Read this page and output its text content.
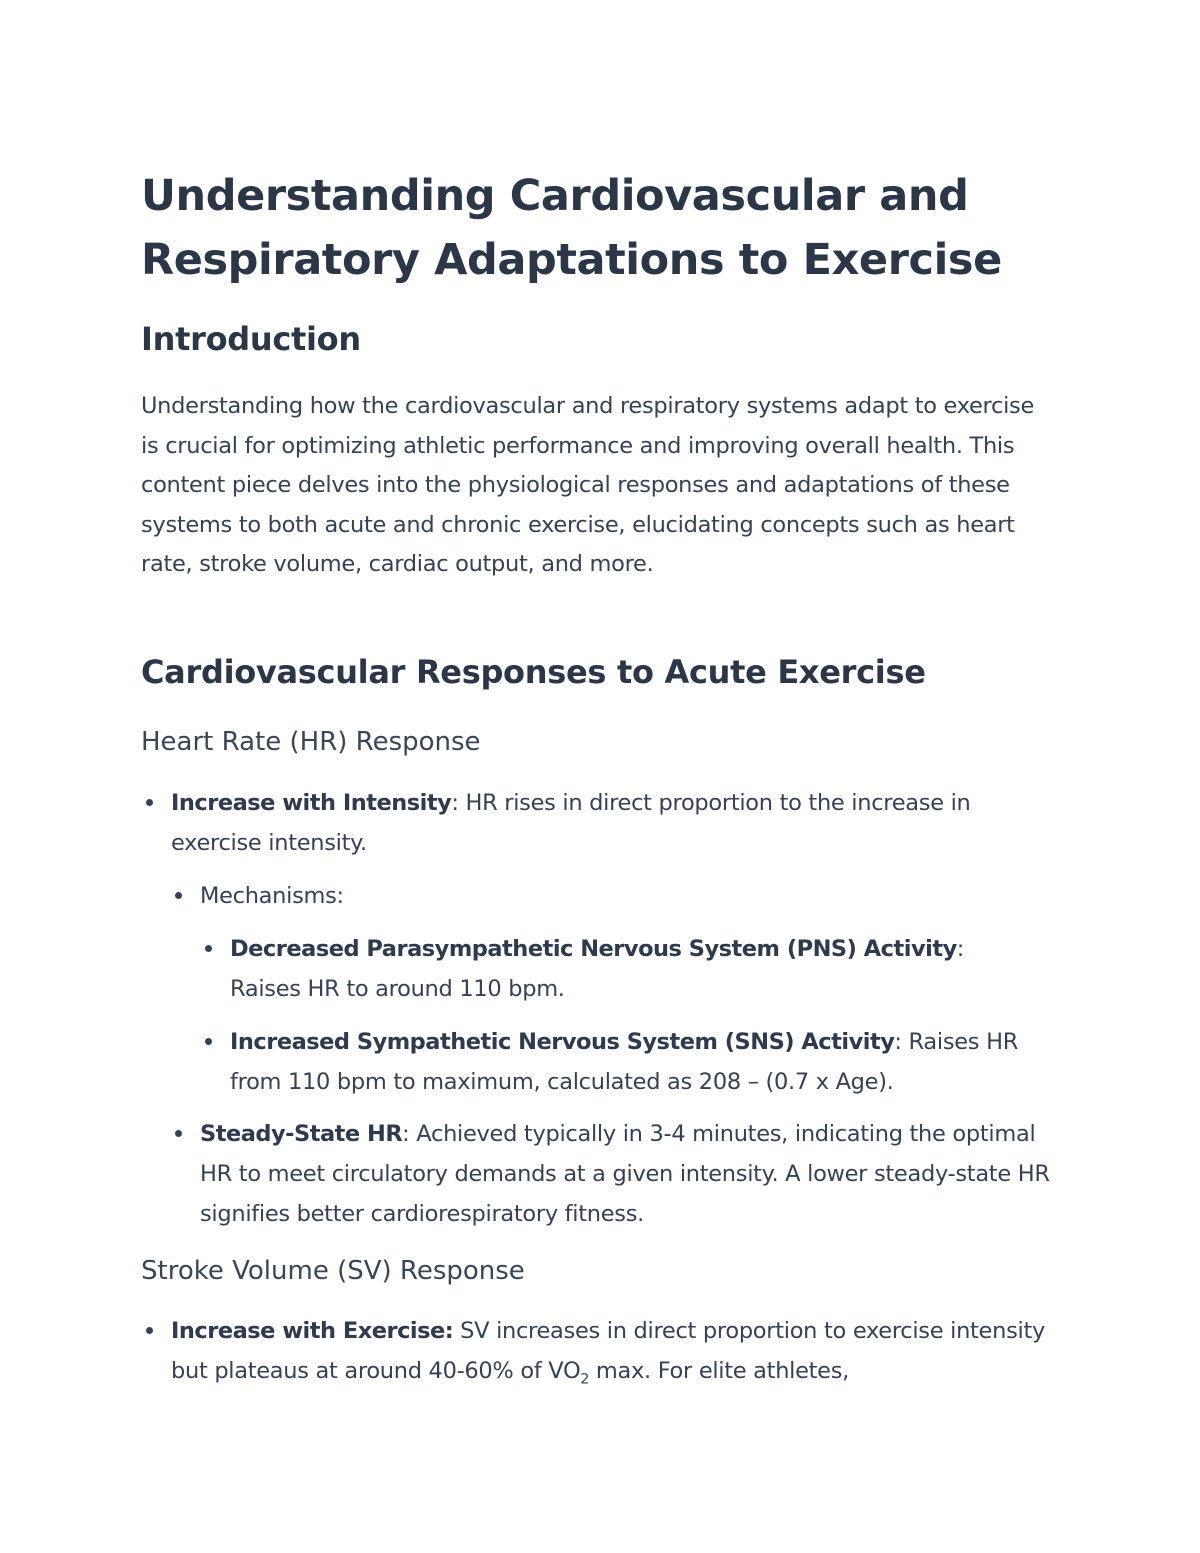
Understanding Cardiovascular and Respiratory Adaptations to Exercise
Introduction

Understanding how the cardiovascular and respiratory systems adapt to exercise is crucial for optimizing athletic performance and improving overall health. This content piece delves into the physiological responses and adaptations of these systems to both acute and chronic exercise, elucidating concepts such as heart rate, stroke volume, cardiac output, and more.

Cardiovascular Responses to Acute Exercise
Heart Rate (HR) Response
Increase with Intensity: HR rises in direct proportion to the increase in exercise intensity.
Mechanisms:
Decreased Parasympathetic Nervous System (PNS) Activity: Raises HR to around 110 bpm.
Increased Sympathetic Nervous System (SNS) Activity: Raises HR from 110 bpm to maximum, calculated as 208 – (0.7 x Age).
Steady-State HR: Achieved typically in 3-4 minutes, indicating the optimal HR to meet circulatory demands at a given intensity. A lower steady-state HR signifies better cardiorespiratory fitness.
Stroke Volume (SV) Response
Increase with Exercise: SV increases in direct proportion to exercise intensity but plateaus at around 40-60% of $VO_2$ max. For elite athletes,
